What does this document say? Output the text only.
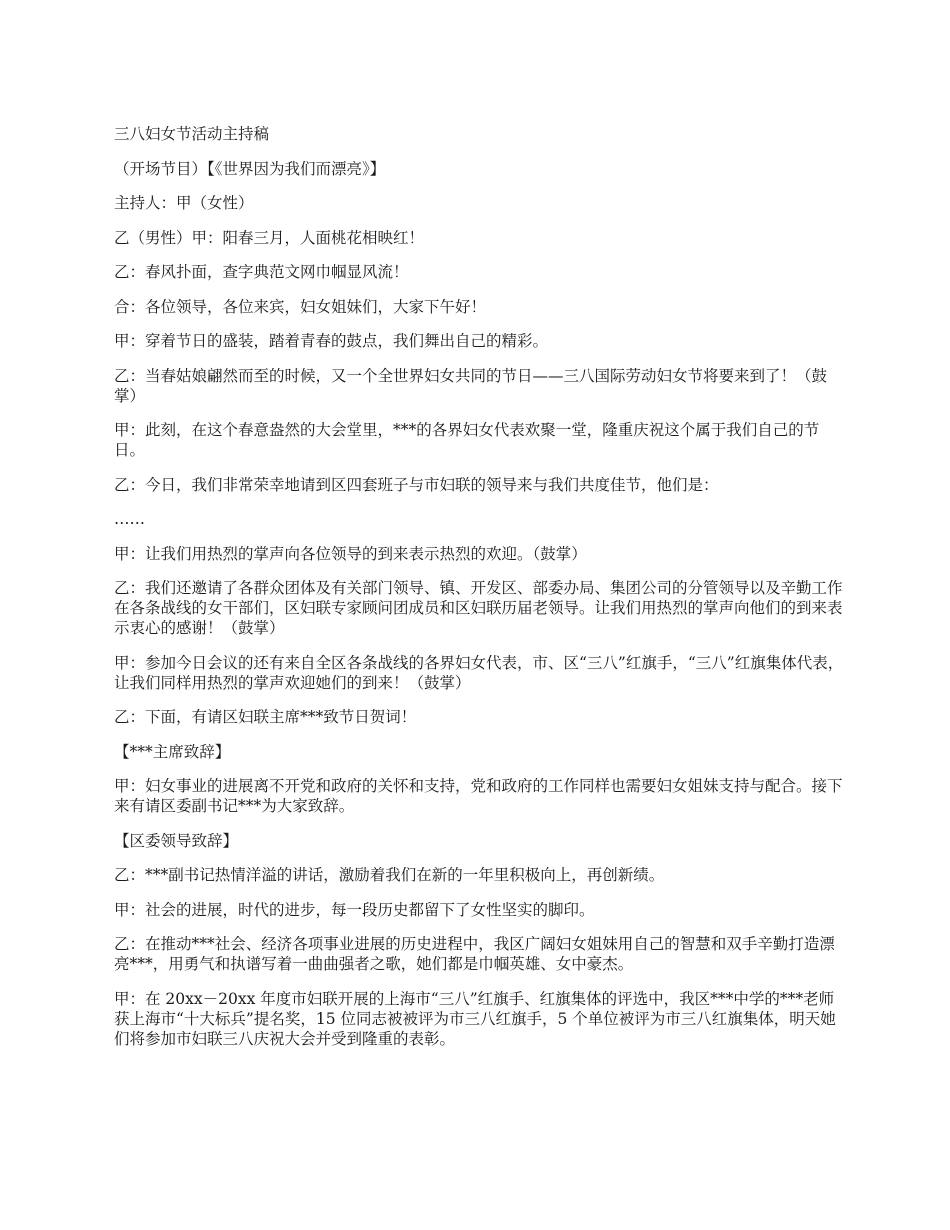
三八妇女节活动主持稿

（开场节目）【《世界因为我们而漂亮》】

主持人：甲（女性）

乙（男性）甲：阳春三月，人面桃花相映红！

乙：春风扑面，查字典范文网巾帼显风流！

合：各位领导，各位来宾，妇女姐妹们，大家下午好！

甲：穿着节日的盛装，踏着青春的鼓点，我们舞出自己的精彩。

乙：当春姑娘翩然而至的时候，又一个全世界妇女共同的节日——三八国际劳动妇女节将要来到了！（鼓掌）

甲：此刻，在这个春意盎然的大会堂里，***的各界妇女代表欢聚一堂，隆重庆祝这个属于我们自己的节日。

乙：今日，我们非常荣幸地请到区四套班子与市妇联的领导来与我们共度佳节，他们是：

……

甲：让我们用热烈的掌声向各位领导的到来表示热烈的欢迎。（鼓掌）

乙：我们还邀请了各群众团体及有关部门领导、镇、开发区、部委办局、集团公司的分管领导以及辛勤工作在各条战线的女干部们，区妇联专家顾问团成员和区妇联历届老领导。让我们用热烈的掌声向他们的到来表示衷心的感谢！（鼓掌）

甲：参加今日会议的还有来自全区各条战线的各界妇女代表，市、区“三八”红旗手，“三八”红旗集体代表，让我们同样用热烈的掌声欢迎她们的到来！（鼓掌）

乙：下面，有请区妇联主席***致节日贺词！

【***主席致辞】

甲：妇女事业的进展离不开党和政府的关怀和支持，党和政府的工作同样也需要妇女姐妹支持与配合。接下来有请区委副书记***为大家致辞。

【区委领导致辞】

乙：***副书记热情洋溢的讲话，激励着我们在新的一年里积极向上，再创新绩。

甲：社会的进展，时代的进步，每一段历史都留下了女性坚实的脚印。

乙：在推动***社会、经济各项事业进展的历史进程中，我区广阔妇女姐妹用自己的智慧和双手辛勤打造漂亮***，用勇气和执谱写着一曲曲强者之歌，她们都是巾帼英雄、女中豪杰。

甲：在 20xx－20xx 年度市妇联开展的上海市“三八”红旗手、红旗集体的评选中，我区***中学的***老师获上海市“十大标兵”提名奖，15 位同志被被评为市三八红旗手，5 个单位被评为市三八红旗集体，明天她们将参加市妇联三八庆祝大会并受到隆重的表彰。
